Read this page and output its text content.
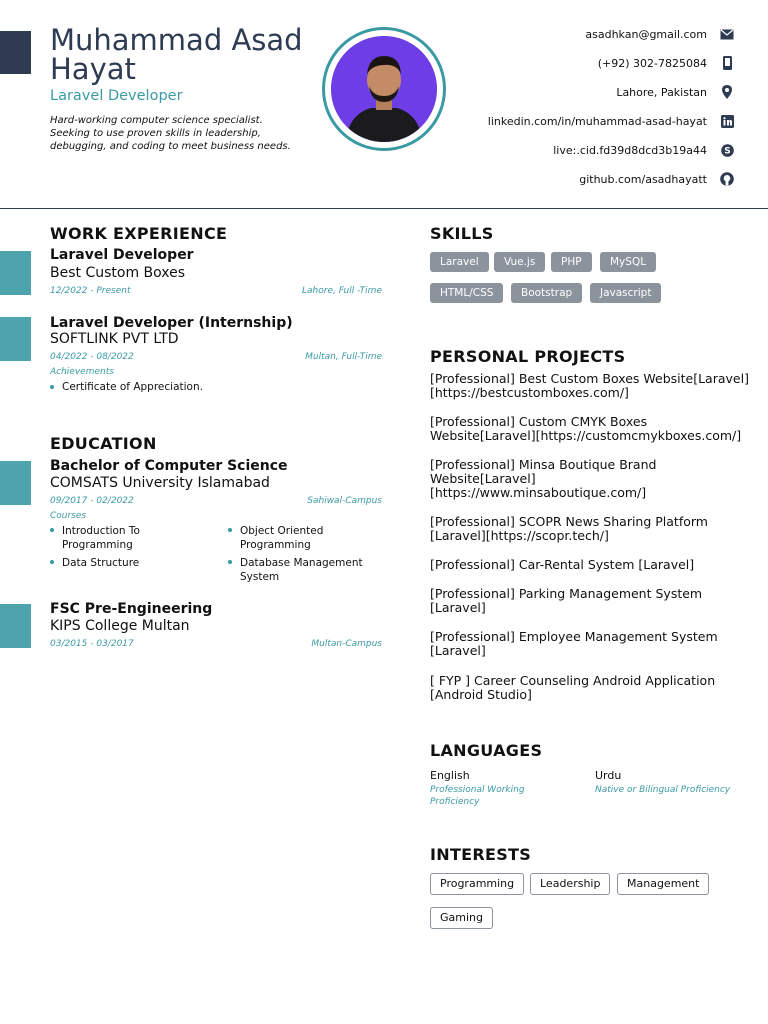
Muhammad Asad Hayat
Laravel Developer
Hard-working computer science specialist. Seeking to use proven skills in leadership, debugging, and coding to meet business needs.
asadhkan@gmail.com
(+92) 302-7825084
Lahore, Pakistan
linkedin.com/in/muhammad-asad-hayat
live:.cid.fd39d8dcd3b19a44 S
github.com/asadhayatt
WORK EXPERIENCE
Laravel Developer
Best Custom Boxes
12/2022 - Present	Lahore, Full -Time
Laravel Developer (Internship)
SOFTLINK PVT LTD
04/2022 - 08/2022	Multan, Full-Time
Achievements
Certificate of Appreciation.
EDUCATION
Bachelor of Computer Science
COMSATS University Islamabad
09/2017 - 02/2022	Sahiwal-Campus
Courses
Introduction To Programming
Object Oriented Programming
Data Structure	Database Management System
FSC Pre-Engineering
KIPS College Multan
03/2015 - 03/2017	Multan-Campus
SKILLS
Laravel	Vue.js	PHP	MySQL
HTML/CSS	Bootstrap	Javascript
PERSONAL PROJECTS
[Professional] Best Custom Boxes Website[Laravel][https://bestcustomboxes.com/]
[Professional] Custom CMYK Boxes Website[Laravel][https://customcmykboxes.com/]
[Professional] Minsa Boutique Brand Website[Laravel][https://www.minsaboutique.com/]
[Professional] SCOPR News Sharing Platform [Laravel][https://scopr.tech/]
[Professional] Car-Rental System [Laravel]
[Professional] Parking Management System [Laravel]
[Professional] Employee Management System [Laravel]
[ FYP ] Career Counseling Android Application [Android Studio]
LANGUAGES
English
Professional Working Proficiency
Urdu
Native or Bilingual Proficiency
INTERESTS
Programming	Leadership	Management
Gaming
